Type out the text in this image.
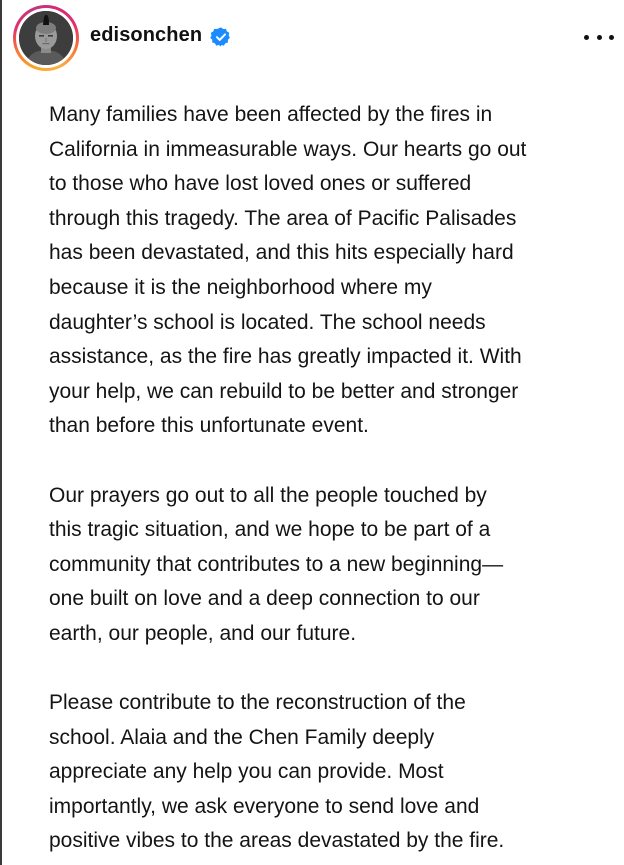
edisonchen

Many families have been affected by the fires in
California in immeasurable ways. Our hearts go out
to those who have lost loved ones or suffered
through this tragedy. The area of Pacific Palisades
has been devastated, and this hits especially hard
because it is the neighborhood where my
daughter’s school is located. The school needs
assistance, as the fire has greatly impacted it. With
your help, we can rebuild to be better and stronger
than before this unfortunate event.

Our prayers go out to all the people touched by
this tragic situation, and we hope to be part of a
community that contributes to a new beginning—
one built on love and a deep connection to our
earth, our people, and our future.

Please contribute to the reconstruction of the
school. Alaia and the Chen Family deeply
appreciate any help you can provide. Most
importantly, we ask everyone to send love and
positive vibes to the areas devastated by the fire.
